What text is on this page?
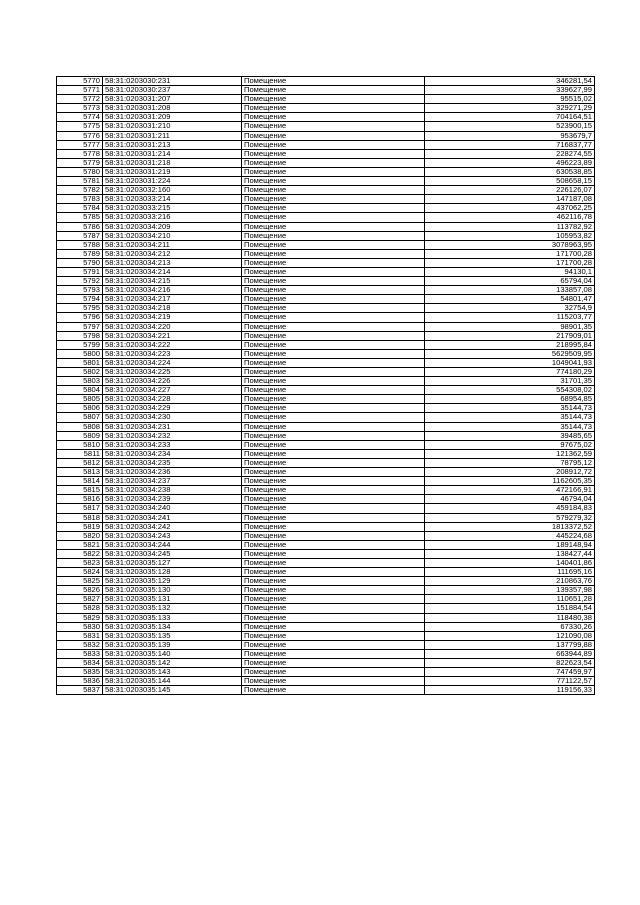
5770	58:31:0203030:231	Помещение	346281,54
5771	58:31:0203030:237	Помещение	339627,99
5772	58:31:0203031:207	Помещение	95515,02
5773	58:31:0203031:208	Помещение	329271,29
5774	58:31:0203031:209	Помещение	704164,51
5775	58:31:0203031:210	Помещение	523900,15
5776	58:31:0203031:211	Помещение	953679,7
5777	58:31:0203031:213	Помещение	716837,77
5778	58:31:0203031:214	Помещение	228274,55
5779	58:31:0203031:218	Помещение	496223,89
5780	58:31:0203031:219	Помещение	630538,85
5781	58:31:0203031:224	Помещение	508658,15
5782	58:31:0203032:160	Помещение	226126,07
5783	58:31:0203033:214	Помещение	147187,08
5784	58:31:0203033:215	Помещение	437062,25
5785	58:31:0203033:216	Помещение	462116,78
5786	58:31:0203034:209	Помещение	113782,92
5787	58:31:0203034:210	Помещение	105953,82
5788	58:31:0203034:211	Помещение	3078963,95
5789	58:31:0203034:212	Помещение	171700,28
5790	58:31:0203034:213	Помещение	171700,28
5791	58:31:0203034:214	Помещение	94130,1
5792	58:31:0203034:215	Помещение	65794,04
5793	58:31:0203034:216	Помещение	133857,08
5794	58:31:0203034:217	Помещение	54801,47
5795	58:31:0203034:218	Помещение	32754,9
5796	58:31:0203034:219	Помещение	115203,77
5797	58:31:0203034:220	Помещение	98901,35
5798	58:31:0203034:221	Помещение	217909,01
5799	58:31:0203034:222	Помещение	218995,84
5800	58:31:0203034:223	Помещение	5629509,95
5801	58:31:0203034:224	Помещение	1049041,93
5802	58:31:0203034:225	Помещение	774180,29
5803	58:31:0203034:226	Помещение	31701,35
5804	58:31:0203034:227	Помещение	554308,02
5805	58:31:0203034:228	Помещение	68954,85
5806	58:31:0203034:229	Помещение	35144,73
5807	58:31:0203034:230	Помещение	35144,73
5808	58:31:0203034:231	Помещение	35144,73
5809	58:31:0203034:232	Помещение	39485,65
5810	58:31:0203034:233	Помещение	97675,02
5811	58:31:0203034:234	Помещение	121362,59
5812	58:31:0203034:235	Помещение	78795,12
5813	58:31:0203034:236	Помещение	208912,72
5814	58:31:0203034:237	Помещение	1162605,35
5815	58:31:0203034:238	Помещение	472166,91
5816	58:31:0203034:239	Помещение	46794,04
5817	58:31:0203034:240	Помещение	459184,83
5818	58:31:0203034:241	Помещение	579279,32
5819	58:31:0203034:242	Помещение	1813372,52
5820	58:31:0203034:243	Помещение	445224,68
5821	58:31:0203034:244	Помещение	189148,94
5822	58:31:0203034:245	Помещение	138427,44
5823	58:31:0203035:127	Помещение	140401,86
5824	58:31:0203035:128	Помещение	111695,16
5825	58:31:0203035:129	Помещение	210863,76
5826	58:31:0203035:130	Помещение	139357,98
5827	58:31:0203035:131	Помещение	110651,28
5828	58:31:0203035:132	Помещение	151884,54
5829	58:31:0203035:133	Помещение	118480,38
5830	58:31:0203035:134	Помещение	67330,26
5831	58:31:0203035:135	Помещение	121090,08
5832	58:31:0203035:139	Помещение	137799,88
5833	58:31:0203035:140	Помещение	663944,89
5834	58:31:0203035:142	Помещение	822623,54
5835	58:31:0203035:143	Помещение	747459,97
5836	58:31:0203035:144	Помещение	771122,57
5837	58:31:0203035:145	Помещение	119156,33
